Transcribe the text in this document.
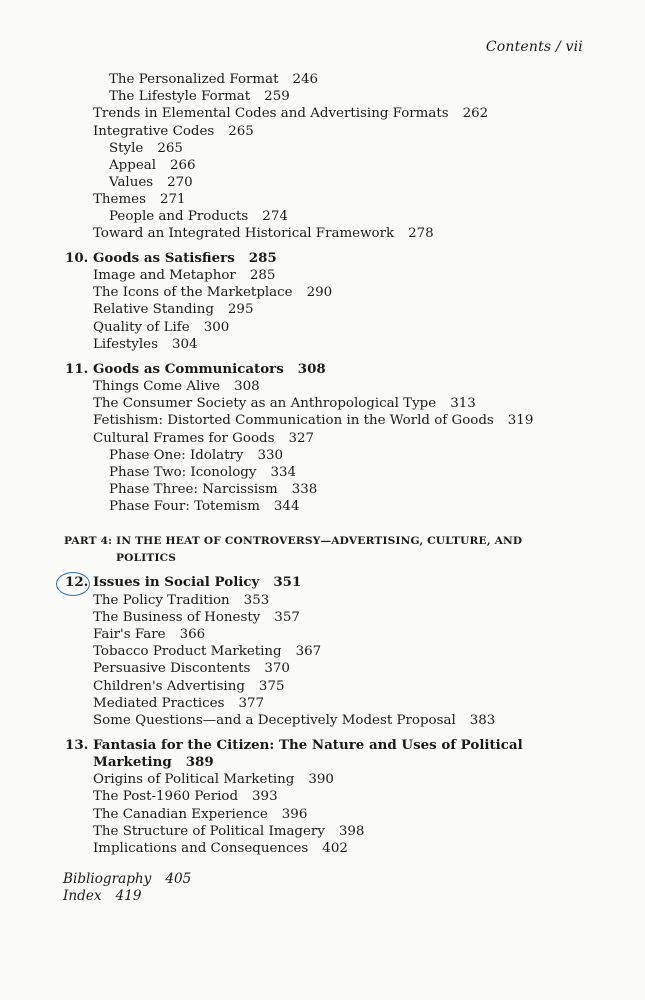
Contents / vii
The Personalized Format 246
The Lifestyle Format 259
Trends in Elemental Codes and Advertising Formats 262
Integrative Codes 265
Style 265
Appeal 266
Values 270
Themes 271
People and Products 274
Toward an Integrated Historical Framework 278
10. Goods as Satisfiers 285
Image and Metaphor 285
The Icons of the Marketplace 290
Relative Standing 295
Quality of Life 300
Lifestyles 304
11. Goods as Communicators 308
Things Come Alive 308
The Consumer Society as an Anthropological Type 313
Fetishism: Distorted Communication in the World of Goods 319
Cultural Frames for Goods 327
Phase One: Idolatry 330
Phase Two: Iconology 334
Phase Three: Narcissism 338
Phase Four: Totemism 344
PART 4: IN THE HEAT OF CONTROVERSY—ADVERTISING, CULTURE, AND
POLITICS
12. Issues in Social Policy 351
The Policy Tradition 353
The Business of Honesty 357
Fair's Fare 366
Tobacco Product Marketing 367
Persuasive Discontents 370
Children's Advertising 375
Mediated Practices 377
Some Questions—and a Deceptively Modest Proposal 383
13. Fantasia for the Citizen: The Nature and Uses of Political
Marketing 389
Origins of Political Marketing 390
The Post-1960 Period 393
The Canadian Experience 396
The Structure of Political Imagery 398
Implications and Consequences 402
Bibliography 405
Index 419
